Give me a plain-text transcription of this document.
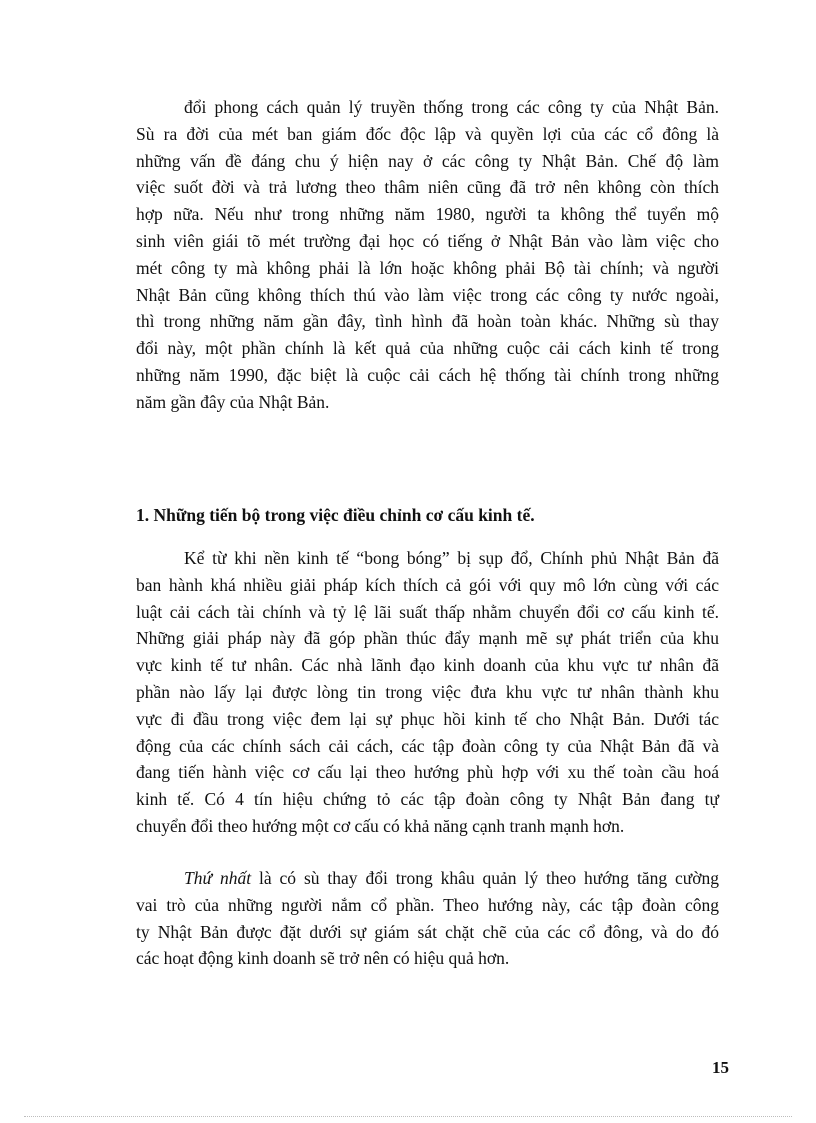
đổi phong cách quản lý truyền thống trong các công ty của Nhật Bản.
Sù ra đời của mét ban giám đốc độc lập và quyền lợi của các cổ đông là
những vấn đề đáng chu ý hiện nay ở các công ty Nhật Bản. Chế độ làm
việc suốt đời và trả lương theo thâm niên cũng đã trở nên không còn thích
hợp nữa. Nếu như trong những năm 1980, người ta không thể tuyển mộ
sinh viên giái tõ mét trường đại học có tiếng ở Nhật Bản vào làm việc cho
mét công ty mà không phải là lớn hoặc không phải Bộ tài chính; và người
Nhật Bản cũng không thích thú vào làm việc trong các công ty nước ngoài,
thì trong những năm gần đây, tình hình đã hoàn toàn khác. Những sù thay
đổi này, một phần chính là kết quả của những cuộc cải cách kinh tế trong
những năm 1990, đặc biệt là cuộc cải cách hệ thống tài chính trong những
năm gần đây của Nhật Bản.
1. Những tiến bộ trong việc điều chỉnh cơ cấu kinh tế.
Kể từ khi nền kinh tế “bong bóng” bị sụp đổ, Chính phủ Nhật Bản đã
ban hành khá nhiều giải pháp kích thích cả gói với quy mô lớn cùng với các
luật cải cách tài chính và tỷ lệ lãi suất thấp nhằm chuyển đổi cơ cấu kinh tế.
Những giải pháp này đã góp phần thúc đẩy mạnh mẽ sự phát triển của khu
vực kinh tế tư nhân. Các nhà lãnh đạo kinh doanh của khu vực tư nhân đã
phần nào lấy lại được lòng tin trong việc đưa khu vực tư nhân thành khu
vực đi đầu trong việc đem lại sự phục hồi kinh tế cho Nhật Bản. Dưới tác
động của các chính sách cải cách, các tập đoàn công ty của Nhật Bản đã và
đang tiến hành việc cơ cấu lại theo hướng phù hợp với xu thế toàn cầu hoá
kinh tế. Có 4 tín hiệu chứng tỏ các tập đoàn công ty Nhật Bản đang tự
chuyển đổi theo hướng một cơ cấu có khả năng cạnh tranh mạnh hơn.
Thứ nhất là có sù thay đổi trong khâu quản lý theo hướng tăng cường
vai trò của những người nắm cổ phần. Theo hướng này, các tập đoàn công
ty Nhật Bản được đặt dưới sự giám sát chặt chẽ của các cổ đông, và do đó
các hoạt động kinh doanh sẽ trở nên có hiệu quả hơn.
15
